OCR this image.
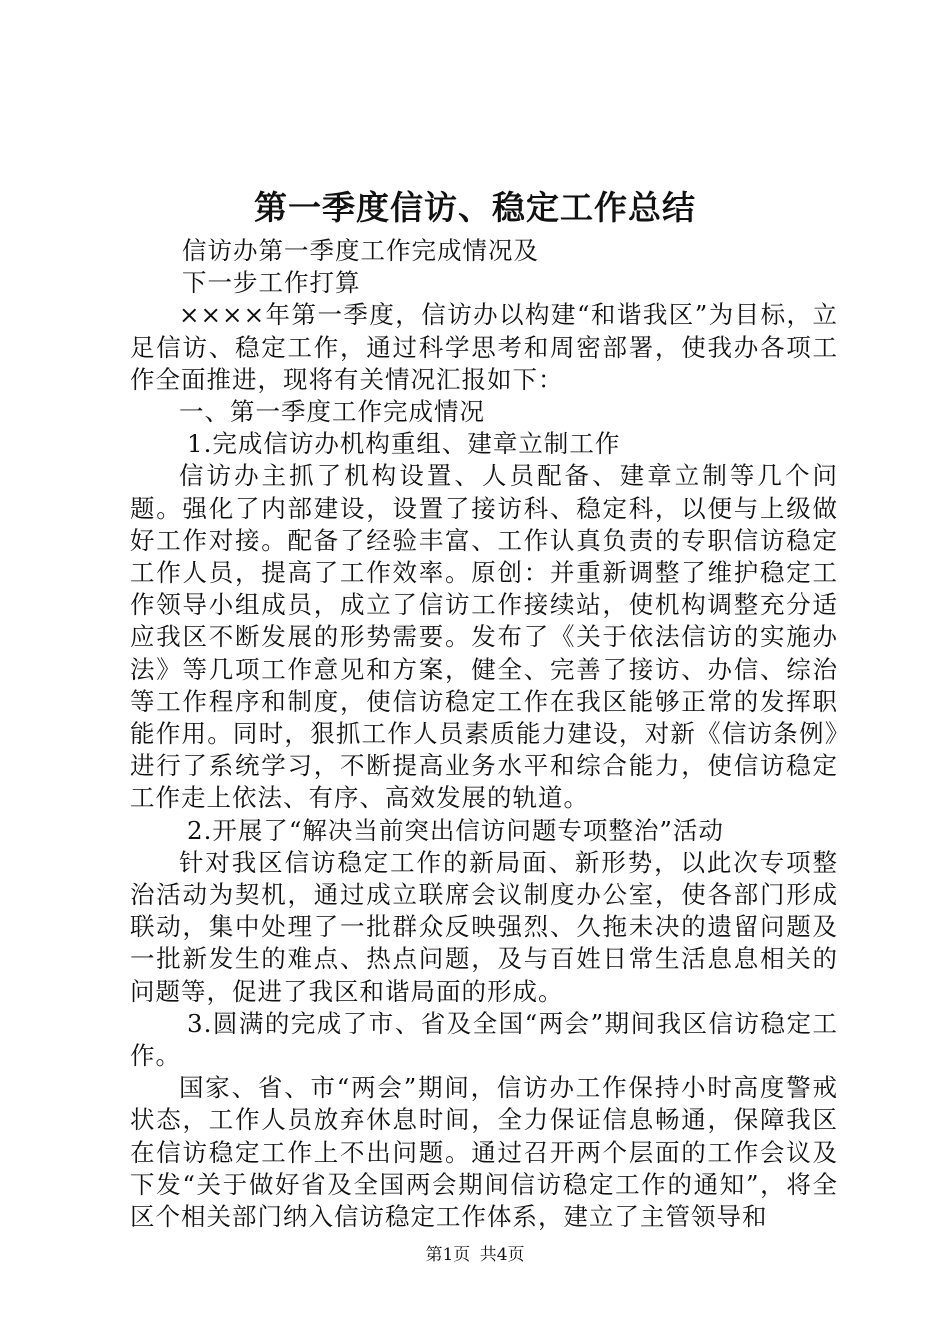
第一季度信访、稳定工作总结

信访办第一季度工作完成情况及

下一步工作打算

××××年第一季度，信访办以构建“和谐我区”为目标，立足信访、稳定工作，通过科学思考和周密部署，使我办各项工作全面推进，现将有关情况汇报如下：

一、第一季度工作完成情况

1.完成信访办机构重组、建章立制工作

信访办主抓了机构设置、人员配备、建章立制等几个问题。强化了内部建设，设置了接访科、稳定科，以便与上级做好工作对接。配备了经验丰富、工作认真负责的专职信访稳定工作人员，提高了工作效率。原创：并重新调整了维护稳定工作领导小组成员，成立了信访工作接续站，使机构调整充分适应我区不断发展的形势需要。发布了《关于依法信访的实施办法》等几项工作意见和方案，健全、完善了接访、办信、综治等工作程序和制度，使信访稳定工作在我区能够正常的发挥职能作用。同时，狠抓工作人员素质能力建设，对新《信访条例》进行了系统学习，不断提高业务水平和综合能力，使信访稳定工作走上依法、有序、高效发展的轨道。

2.开展了“解决当前突出信访问题专项整治”活动

针对我区信访稳定工作的新局面、新形势，以此次专项整治活动为契机，通过成立联席会议制度办公室，使各部门形成联动，集中处理了一批群众反映强烈、久拖未决的遗留问题及一批新发生的难点、热点问题，及与百姓日常生活息息相关的问题等，促进了我区和谐局面的形成。

3.圆满的完成了市、省及全国“两会”期间我区信访稳定工作。

国家、省、市“两会”期间，信访办工作保持小时高度警戒状态，工作人员放弃休息时间，全力保证信息畅通，保障我区在信访稳定工作上不出问题。通过召开两个层面的工作会议及下发“关于做好省及全国两会期间信访稳定工作的通知”，将全区个相关部门纳入信访稳定工作体系，建立了主管领导和

第1页 共4页
